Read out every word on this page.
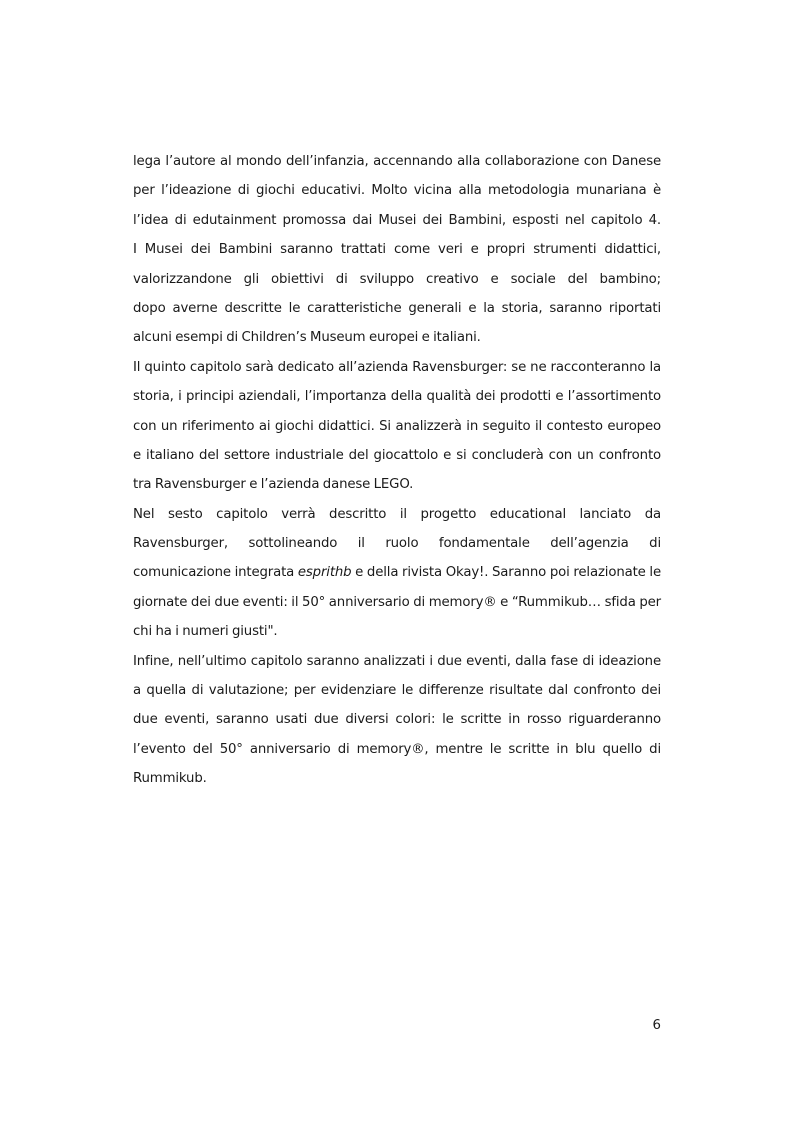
lega l’autore al mondo dell’infanzia, accennando alla collaborazione con Danese
per l’ideazione di giochi educativi. Molto vicina alla metodologia munariana è
l’idea di edutainment promossa dai Musei dei Bambini, esposti nel capitolo 4.
I Musei dei Bambini saranno trattati come veri e propri strumenti didattici,
valorizzandone gli obiettivi di sviluppo creativo e sociale del bambino;
dopo averne descritte le caratteristiche generali e la storia, saranno riportati
alcuni esempi di Children’s Museum europei e italiani.
Il quinto capitolo sarà dedicato all’azienda Ravensburger: se ne racconteranno la
storia, i principi aziendali, l’importanza della qualità dei prodotti e l’assortimento
con un riferimento ai giochi didattici. Si analizzerà in seguito il contesto europeo
e italiano del settore industriale del giocattolo e si concluderà con un confronto
tra Ravensburger e l’azienda danese LEGO.
Nel sesto capitolo verrà descritto il progetto educational lanciato da
Ravensburger, sottolineando il ruolo fondamentale dell’agenzia di
comunicazione integrata esprithb e della rivista Okay!. Saranno poi relazionate le
giornate dei due eventi: il 50° anniversario di memory® e “Rummikub… sfida per
chi ha i numeri giusti".
Infine, nell’ultimo capitolo saranno analizzati i due eventi, dalla fase di ideazione
a quella di valutazione; per evidenziare le differenze risultate dal confronto dei
due eventi, saranno usati due diversi colori: le scritte in rosso riguarderanno
l’evento del 50° anniversario di memory®, mentre le scritte in blu quello di
Rummikub.
6
